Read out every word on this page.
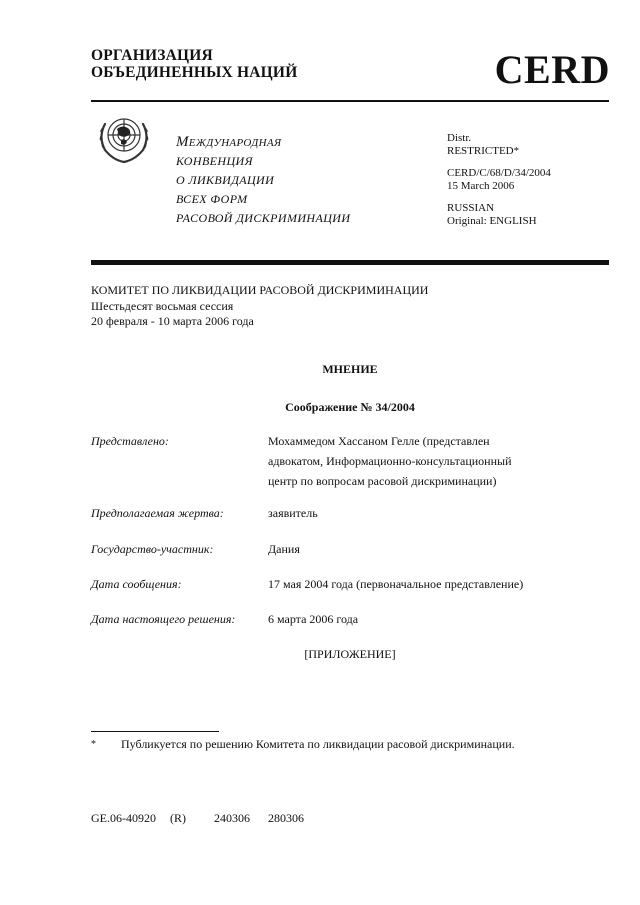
ОРГАНИЗАЦИЯ
ОБЪЕДИНЕННЫХ НАЦИЙ	CERD
Международная
КОНВЕНЦИЯ
О ЛИКВИДАЦИИ
ВСЕХ ФОРМ
РАСОВОЙ ДИСКРИМИНАЦИИ
Distr.
RESTRICTED*
CERD/C/68/D/34/2004
15 March 2006
RUSSIAN
Original: ENGLISH
КОМИТЕТ ПО ЛИКВИДАЦИИ РАСОВОЙ ДИСКРИМИНАЦИИ
Шестьдесят восьмая сессия
20 февраля - 10 марта 2006 года
МНЕНИЕ
Соображение № 34/2004
Представлено:	Мохаммедом Хассаном Гелле (представлен адвокатом, Информационно-консультационный центр по вопросам расовой дискриминации)
Предполагаемая жертва:	заявитель
Государство-участник:	Дания
Дата сообщения:	17 мая 2004 года (первоначальное представление)
Дата настоящего решения:	6 марта 2006 года
[ПРИЛОЖЕНИЕ]
*	Публикуется по решению Комитета по ликвидации расовой дискриминации.
GE.06-40920 (R) 240306 280306
